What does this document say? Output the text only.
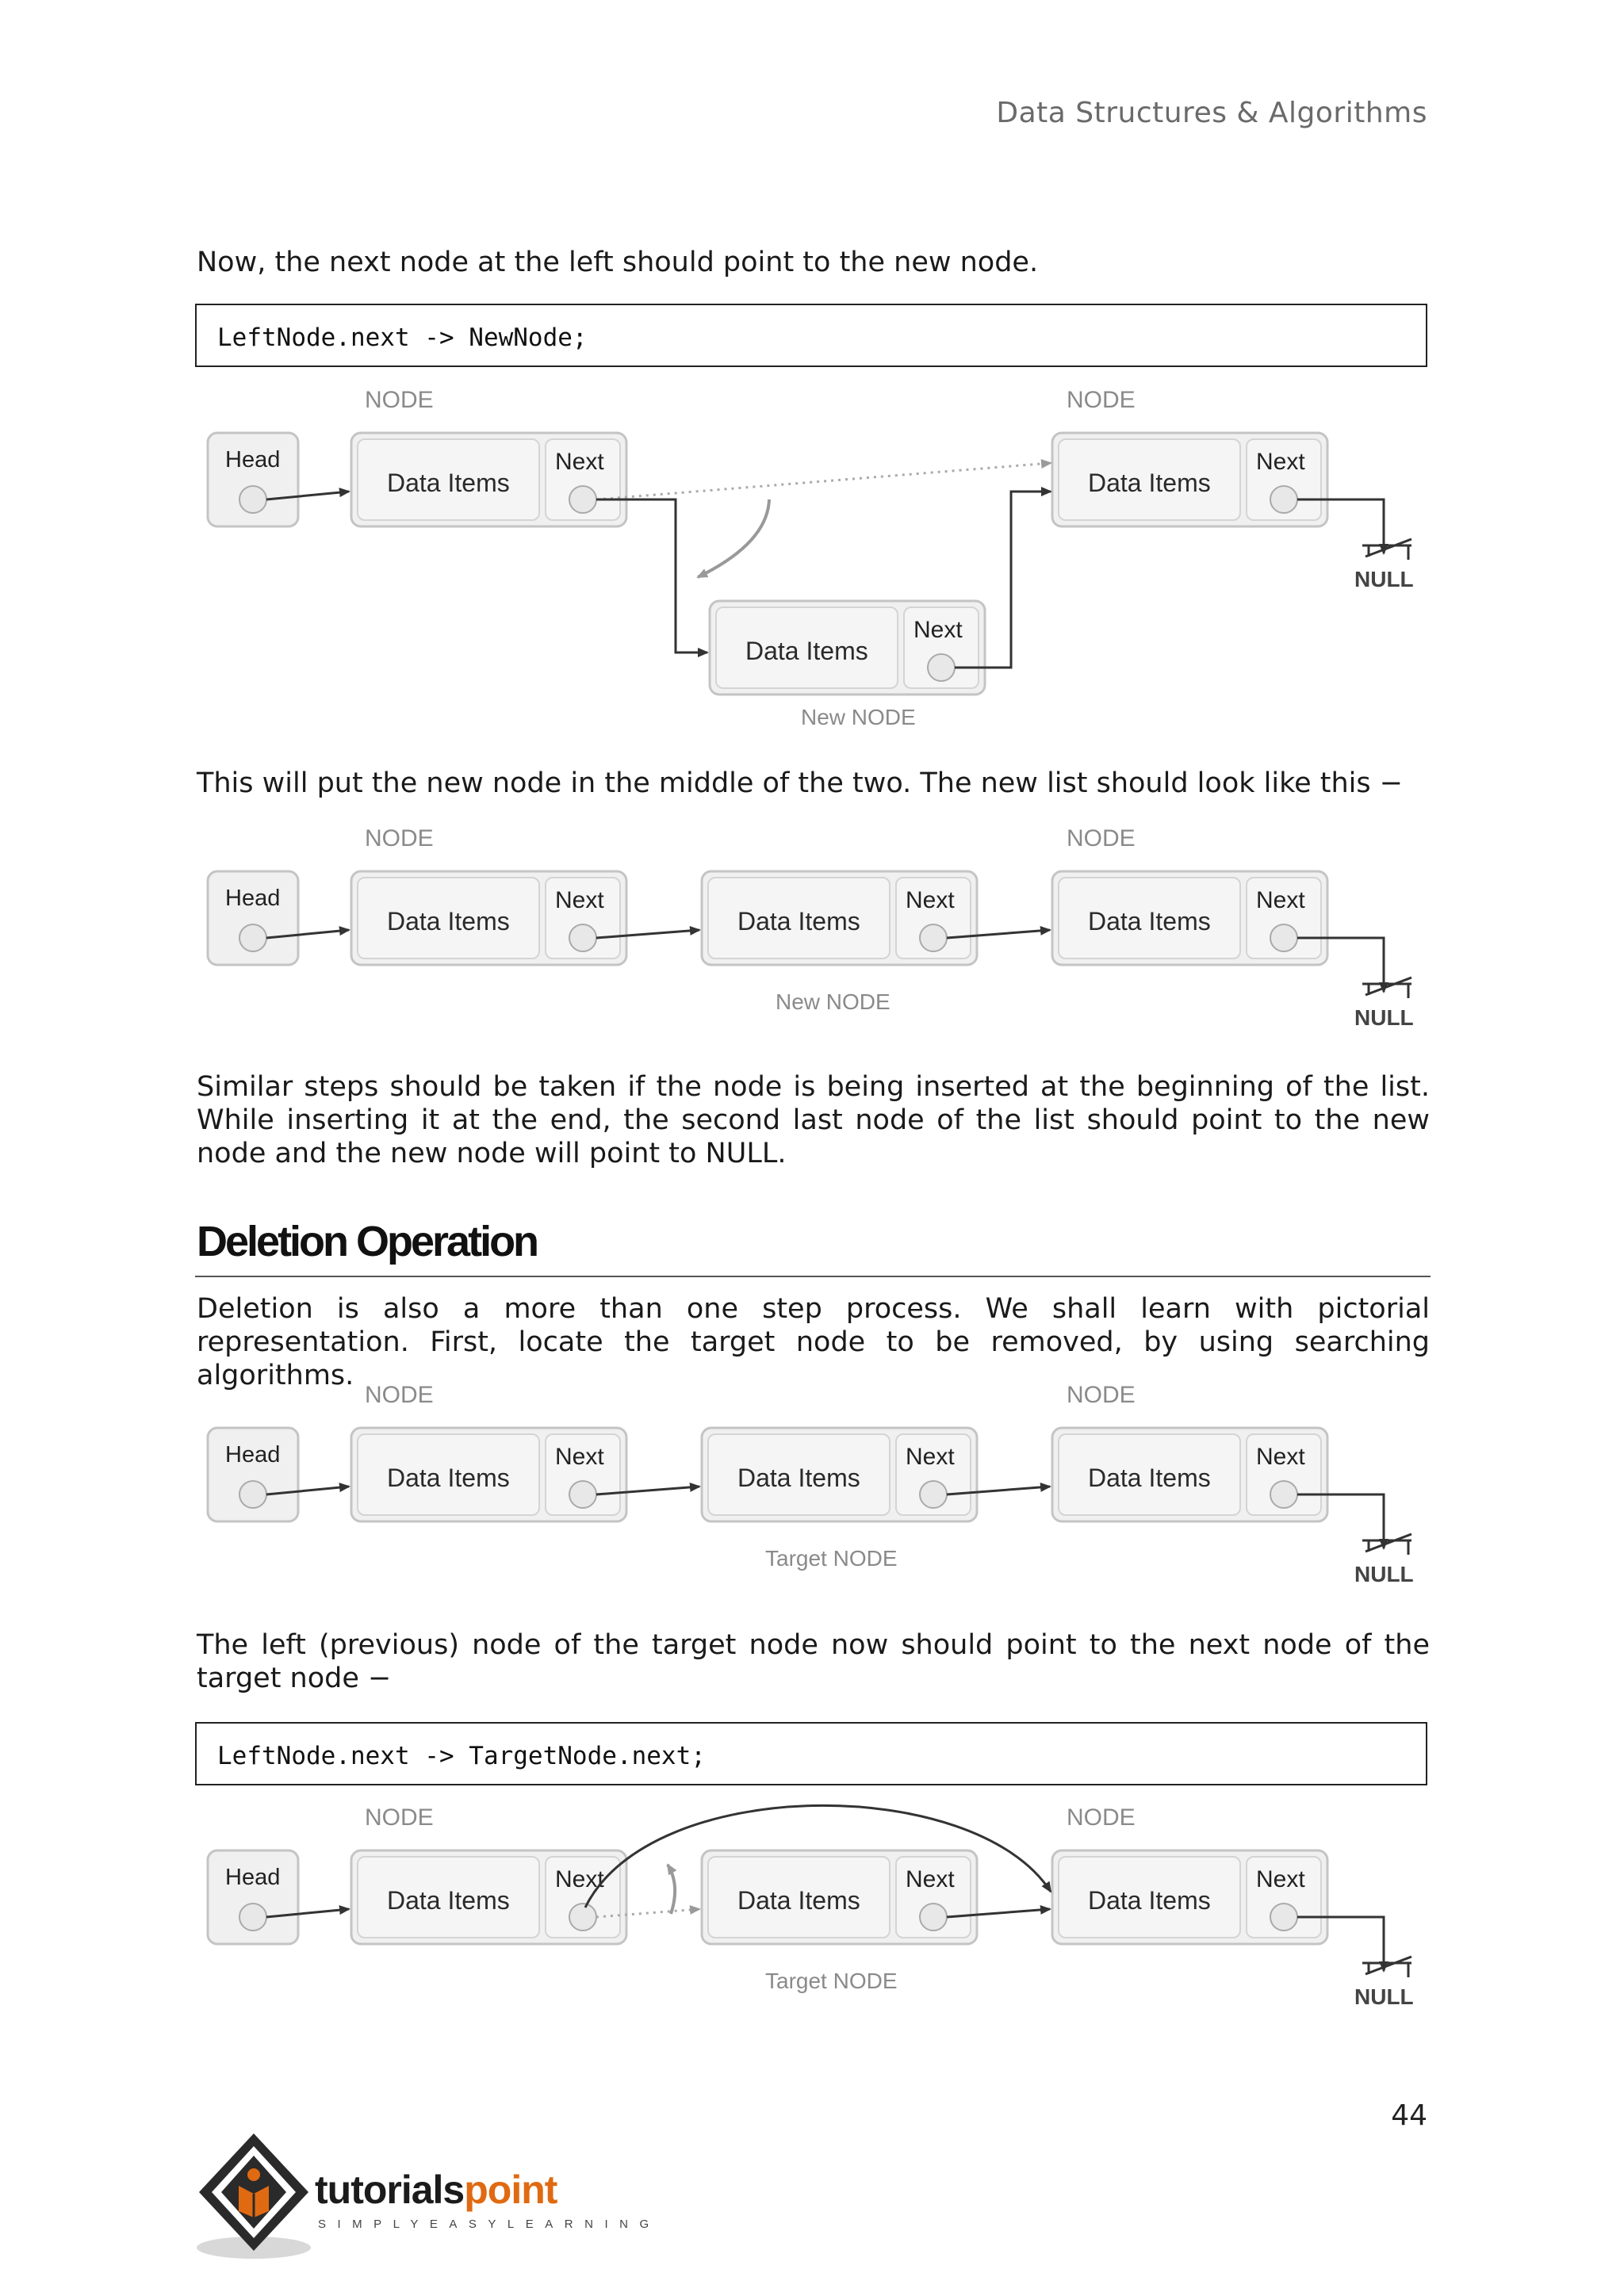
Data Structures & Algorithms

Now, the next node at the left should point to the new node.

LeftNode.next -> NewNode;
NODE	NODE
Head
Data Items
Next
Data Items
Next
Data Items
Next
New NODE
NULL

This will put the new node in the middle of the two. The new list should look like this −

NODE	NODE
Head
Data Items
Next
Data Items
Next
New NODE
Data Items
Next
NULL

Similar steps should be taken if the node is being inserted at the beginning of the list. While inserting it at the end, the second last node of the list should point to the new node and the new node will point to NULL.

Deletion Operation

Deletion is also a more than one step process. We shall learn with pictorial representation. First, locate the target node to be removed, by using searching algorithms.

NODE	NODE
Head
Data Items
Next
Data Items
Next
Target NODE
Data Items
Next
NULL

The left (previous) node of the target node now should point to the next node of the target node −

LeftNode.next -> TargetNode.next;
NODE	NODE
Head
Data Items
Next
Data Items
Next
Target NODE
Data Items
Next
NULL
44
tutorialspoint
SIMPLYEASYLEARNING
